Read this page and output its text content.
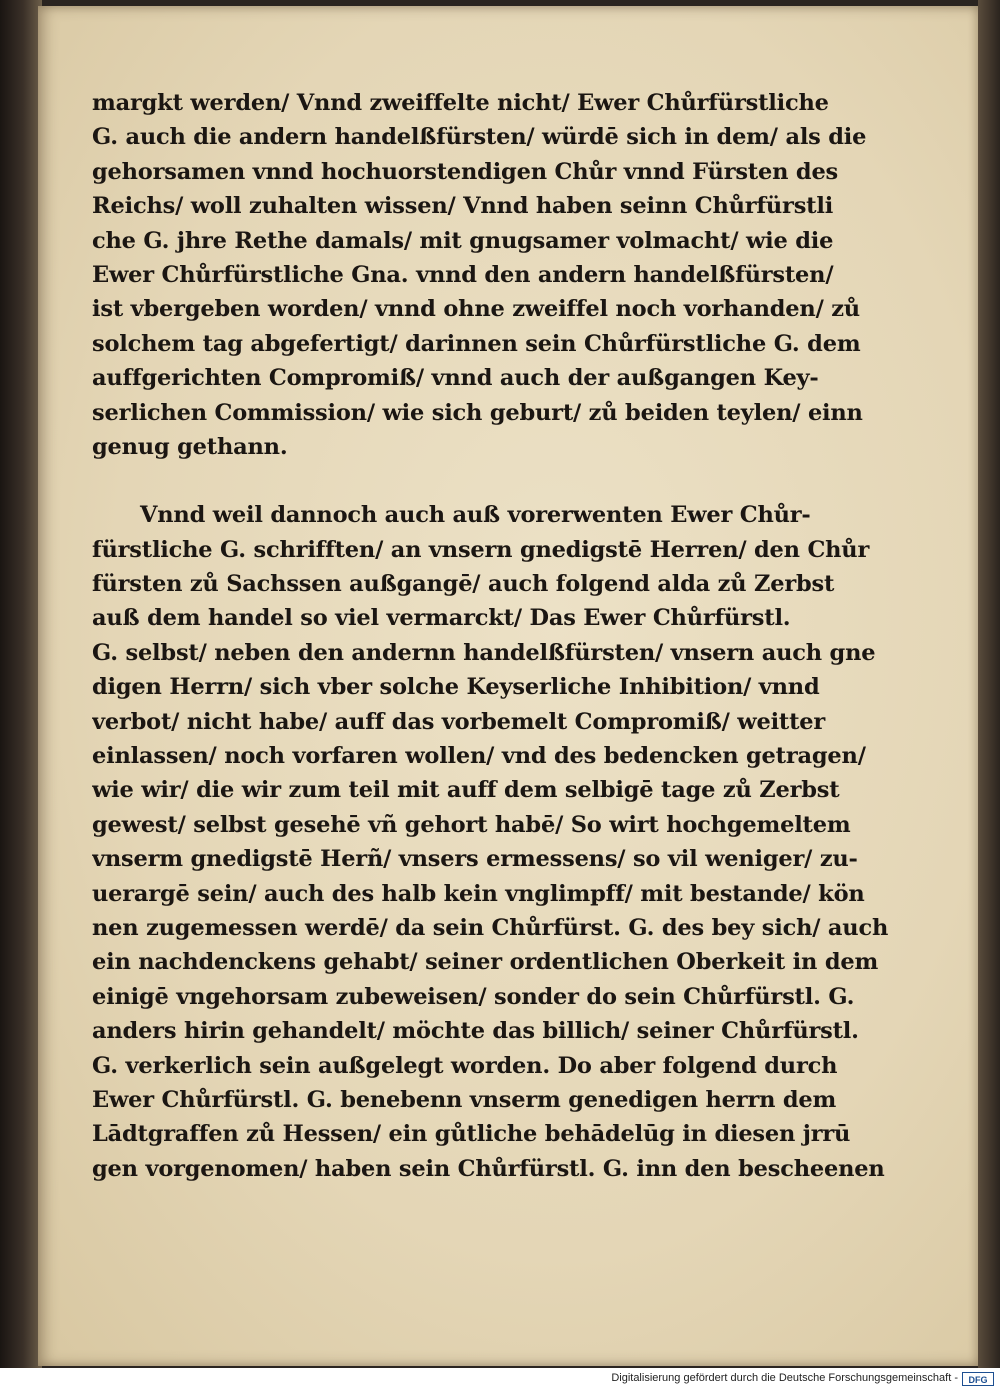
margkt werden/ Vnnd zweiffelte nicht/ Ewer Chůrfürstliche
G. auch die andern handelßfürsten/ würdē sich in dem/ als die
gehorsamen vnnd hochuorstendigen Chůr vnnd Fürsten des
Reichs/ woll zuhalten wissen/ Vnnd haben seinn Chůrfürstli
che G. jhre Rethe damals/ mit gnugsamer volmacht/ wie die
Ewer Chůrfürstliche Gna. vnnd den andern handelßfürsten/
ist vbergeben worden/ vnnd ohne zweiffel noch vorhanden/ zů
solchem tag abgefertigt/ darinnen sein Chůrfürstliche G. dem
auffgerichten Compromiß/ vnnd auch der außgangen Key-
serlichen Commission/ wie sich geburt/ zů beiden teylen/ einn
genug gethann.
Vnnd weil dannoch auch auß vorerwenten Ewer Chůr-
fürstliche G. schrifften/ an vnsern gnedigstē Herren/ den Chůr
fürsten zů Sachssen außgangē/ auch folgend alda zů Zerbst
auß dem handel so viel vermarckt/ Das Ewer Chůrfürstl.
G. selbst/ neben den andernn handelßfürsten/ vnsern auch gne
digen Herrn/ sich vber solche Keyserliche Inhibition/ vnnd
verbot/ nicht habe/ auff das vorbemelt Compromiß/ weitter
einlassen/ noch vorfaren wollen/ vnd des bedencken getragen/
wie wir/ die wir zum teil mit auff dem selbigē tage zů Zerbst
gewest/ selbst gesehē vñ gehort habē/ So wirt hochgemeltem
vnserm gnedigstē Herñ/ vnsers ermessens/ so vil weniger/ zu-
uerargē sein/ auch des halb kein vnglimpff/ mit bestande/ kön
nen zugemessen werdē/ da sein Chůrfürst. G. des bey sich/ auch
ein nachdenckens gehabt/ seiner ordentlichen Oberkeit in dem
einigē vngehorsam zubeweisen/ sonder do sein Chůrfürstl. G.
anders hirin gehandelt/ möchte das billich/ seiner Chůrfürstl.
G. verkerlich sein außgelegt worden. Do aber folgend durch
Ewer Chůrfürstl. G. benebenn vnserm genedigen herrn dem
Lādtgraffen zů Hessen/ ein gůtliche behādelūg in diesen jrrū
gen vorgenomen/ haben sein Chůrfürstl. G. inn den bescheenen
Digitalisierung gefördert durch die Deutsche Forschungsgemeinschaft -	DFG
